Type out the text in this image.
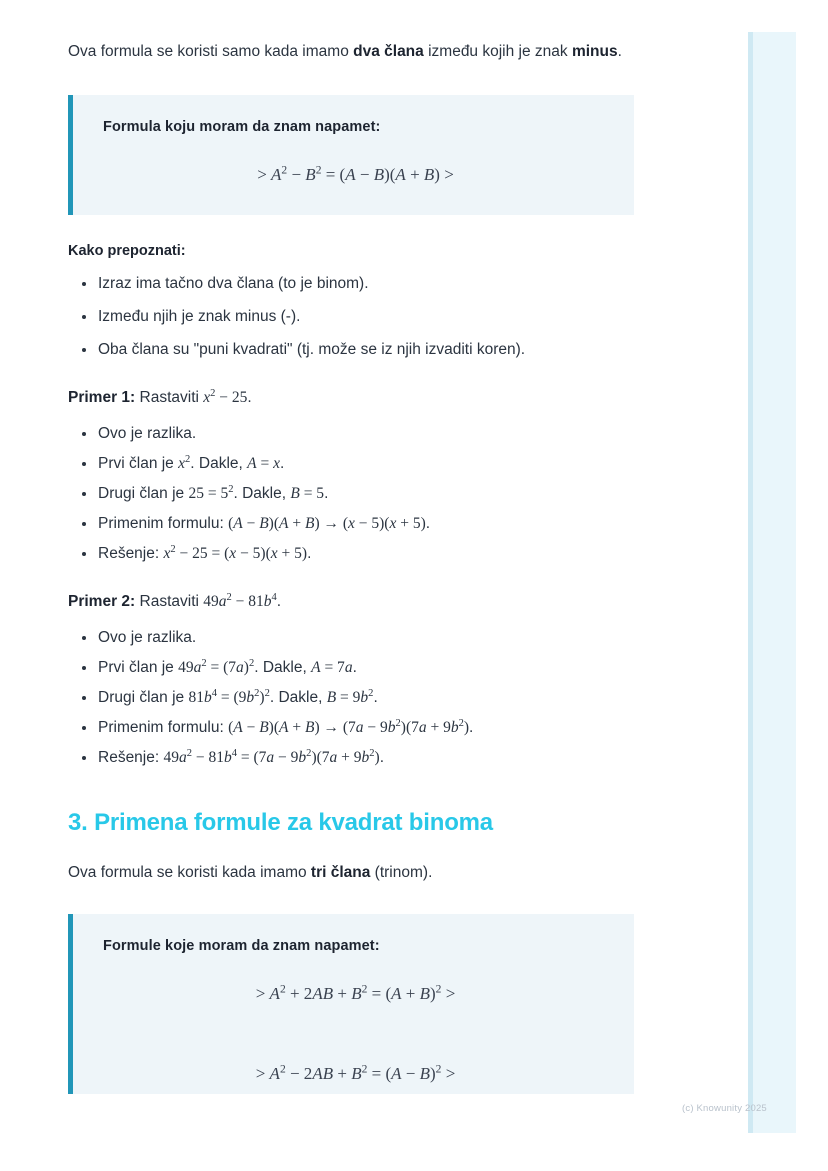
Ova formula se koristi samo kada imamo dva člana između kojih je znak minus.

Formula koju moram da znam napamet:

> $A^2 - B^2 = (A - B)(A + B)$ >
Kako prepoznati:
Izraz ima tačno dva člana (to je binom).
Između njih je znak minus (-).
Oba člana su "puni kvadrati" (tj. može se iz njih izvaditi koren).

Primer 1: Rastaviti $x^2 - 25$.

Ovo je razlika.
Prvi član je $x^2$. Dakle, A = x.
Drugi član je $25 = 5^2$. Dakle, B = 5.
Primenim formulu: (A − B)(A + B) → (x − 5)(x + 5).
Rešenje: $x^2 - 25 = (x - 5)(x + 5)$.

Primer 2: Rastaviti $49a^2 - 81b^4$.

Ovo je razlika.
Prvi član je $49a^2 = (7a)^2$. Dakle, A = 7a.
Drugi član je $81b^4 = (9b^2)^2$. Dakle, $B = 9b^2$.
Primenim formulu: $(A - B)(A + B) \to (7a - 9b^2)(7a + 9b^2)$.
Rešenje: $49a^2 - 81b^4 = (7a - 9b^2)(7a + 9b^2)$.
3. Primena formule za kvadrat binoma

Ova formula se koristi kada imamo tri člana (trinom).

Formule koje moram da znam napamet:

> $A^2 + 2AB + B^2 = (A + B)^2$ >
> $A^2 - 2AB + B^2 = (A - B)^2$ >
(c) Knowunity 2025
